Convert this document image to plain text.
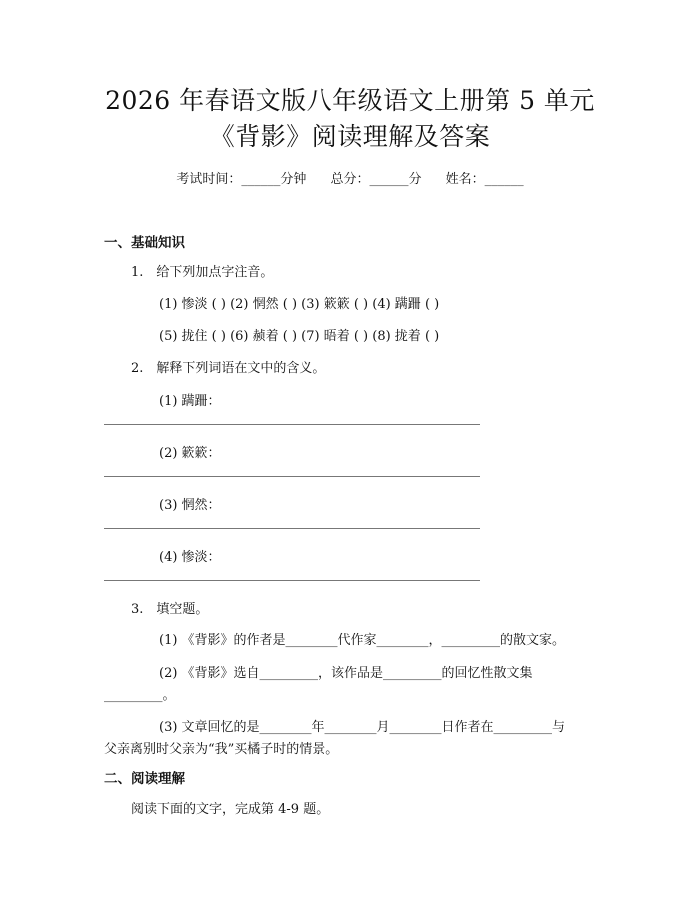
2026 年春语文版八年级语文上册第 5 单元
《背影》阅读理解及答案
考试时间：______分钟 总分：______分 姓名：______
一、基础知识
1.　给下列加点字注音。
(1) 惨淡 ( ) (2) 惘然 ( ) (3) 簌簌 ( ) (4) 蹒跚 ( )
(5) 拢住 ( ) (6) 赪着 ( ) (7) 晤着 ( ) (8) 拢着 ( )
2.　解释下列词语在文中的含义。
(1) 蹒跚：
(2) 簌簌：
(3) 惘然：
(4) 惨淡：
3.　填空题。
(1) 《背影》的作者是________代作家________，_________的散文家。
(2) 《背影》选自_________，该作品是_________的回忆性散文集
_________。
(3) 文章回忆的是________年________月________日作者在_________与
父亲离别时父亲为“我”买橘子时的情景。
二、阅读理解
阅读下面的文字，完成第 4-9 题。
